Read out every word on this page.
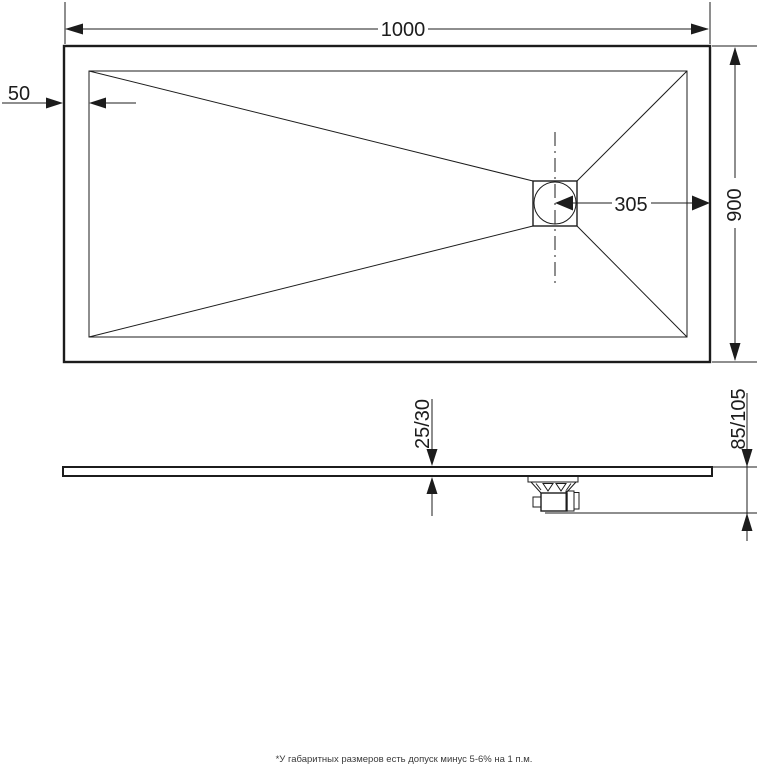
1000
50
305	900
25/30	85/105
*У габаритных размеров есть допуск минус 5-6% на 1 п.м.
